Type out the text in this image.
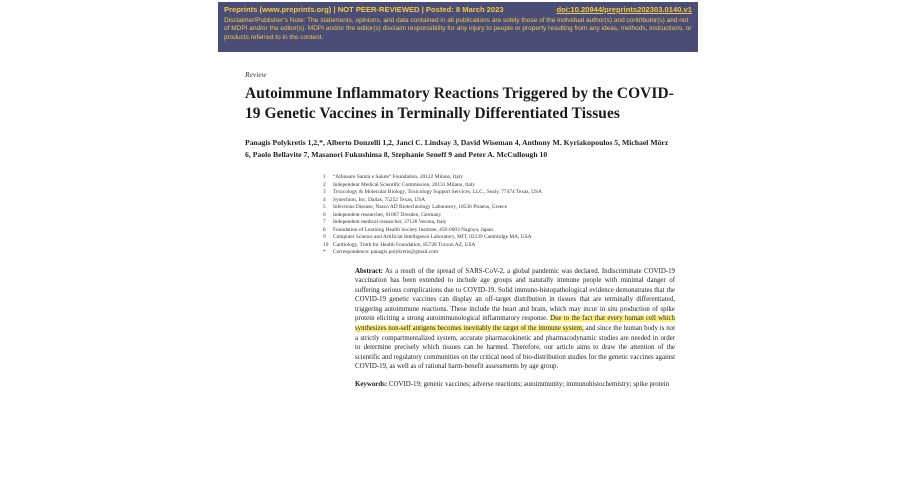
Preprints (www.preprints.org) | NOT PEER-REVIEWED | Posted: 8 March 2023	doi:10.20944/preprints202303.0140.v1
Disclaimer/Publisher’s Note: The statements, opinions, and data contained in all publications are solely those of the individual author(s) and contributor(s) and not of MDPI and/or the editor(s). MDPI and/or the editor(s) disclaim responsibility for any injury to people or property resulting from any ideas, methods, instructions, or products referred to in the content.
Review
Autoimmune Inflammatory Reactions Triggered by the COVID-19 Genetic Vaccines in Terminally Differentiated Tissues
Panagis Polykretis 1,2,*, Alberto Donzelli 1,2, Janci C. Lindsay 3, David Wiseman 4, Anthony M. Kyriakopoulos 5, Michael Mörz 6, Paolo Bellavite 7, Masanori Fukushima 8, Stephanie Seneff 9 and Peter A. McCullough 10
1	“Allineare Sanità e Salute” Foundation, 20122 Milano, Italy
2	Independent Medical Scientific Commission, 20131 Milano, Italy
3	Toxicology & Molecular Biology, Toxicology Support Services, LLC., Sealy, 77474 Texas, USA
4	Synechion, Inc, Dallas, 75252 Texas, USA
5	Infectious Disease, Nasco AD Biotechnology Laboratory, 18536 Piraeus, Greece
6	Independent researcher, 01067 Dresden, Germany
7	Independent medical researcher, 37126 Verona, Italy
8	Foundation of Learning Health Society Institute, 450-0003 Nagoya, Japan
9	Computer Science and Artificial Intelligence Laboratory, MIT, 02139 Cambridge MA, USA
10 Cardiology, Truth for Health Foundation, 85728 Tucson AZ, USA
*	Correspondence: panagis.polykretis@gmail.com
Abstract: As a result of the spread of SARS-CoV-2, a global pandemic was declared. Indiscriminate COVID-19 vaccination has been extended to include age groups and naturally immune people with minimal danger of suffering serious complications due to COVID-19. Solid immuno-histopathological evidence demonstrates that the COVID-19 genetic vaccines can display an off-target distribution in tissues that are terminally differentiated, triggering autoimmune reactions. These include the heart and brain, which may incur in situ production of spike protein eliciting a strong autoimmunological inflammatory response. Due to the fact that every human cell which synthesizes non-self antigens becomes inevitably the target of the immune system, and since the human body is not a strictly compartmentalized system, accurate pharmacokinetic and pharmacodynamic studies are needed in order to determine precisely which tissues can be harmed. Therefore, our article aims to draw the attention of the scientific and regulatory communities on the critical need of bio-distribution studies for the genetic vaccines against COVID-19, as well as of rational harm-benefit assessments by age group.
Keywords: COVID-19; genetic vaccines; adverse reactions; autoimmunity; immunohistochemistry; spike protein
